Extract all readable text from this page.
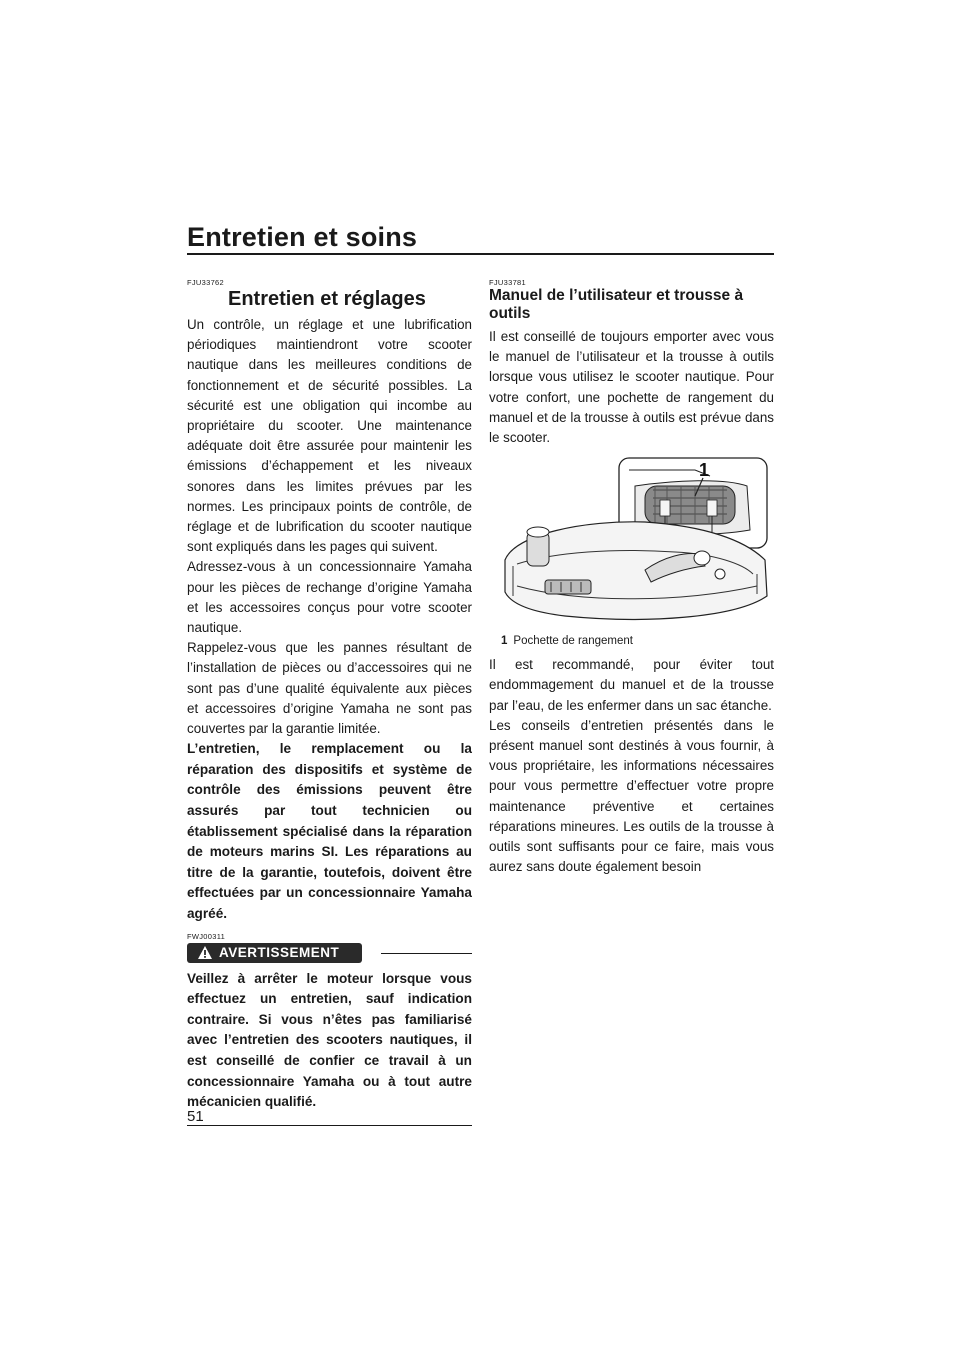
Entretien et soins

FJU33762

Entretien et réglages

Un contrôle, un réglage et une lubrification périodiques maintiendront votre scooter nautique dans les meilleures conditions de fonctionnement et de sécurité possibles. La sécurité est une obligation qui incombe au propriétaire du scooter. Une maintenance adéquate doit être assurée pour maintenir les émissions d’échappement et les niveaux sonores dans les limites prévues par les normes. Les principaux points de contrôle, de réglage et de lubrification du scooter nautique sont expliqués dans les pages qui suivent.

Adressez-vous à un concessionnaire Yamaha pour les pièces de rechange d’origine Yamaha et les accessoires conçus pour votre scooter nautique.

Rappelez-vous que les pannes résultant de l’installation de pièces ou d’accessoires qui ne sont pas d’une qualité équivalente aux pièces et accessoires d’origine Yamaha ne sont pas couvertes par la garantie limitée.

L’entretien, le remplacement ou la réparation des dispositifs et système de contrôle des émissions peuvent être assurés par tout technicien ou établissement spécialisé dans la réparation de moteurs marins SI. Les réparations au titre de la garantie, toutefois, doivent être effectuées par un concessionnaire Yamaha agréé.

FWJ00311

AVERTISSEMENT

Veillez à arrêter le moteur lorsque vous effectuez un entretien, sauf indication contraire. Si vous n’êtes pas familiarisé avec l’entretien des scooters nautiques, il est conseillé de confier ce travail à un concessionnaire Yamaha ou à tout autre mécanicien qualifié.

FJU33781

Manuel de l’utilisateur et trousse à outils

Il est conseillé de toujours emporter avec vous le manuel de l’utilisateur et la trousse à outils lorsque vous utilisez le scooter nautique. Pour votre confort, une pochette de rangement du manuel et de la trousse à outils est prévue dans le scooter.

1

1 Pochette de rangement

Il est recommandé, pour éviter tout endommagement du manuel et de la trousse par l’eau, de les enfermer dans un sac étanche.

Les conseils d’entretien présentés dans le présent manuel sont destinés à vous fournir, à vous propriétaire, les informations nécessaires pour vous permettre d’effectuer votre propre maintenance préventive et certaines réparations mineures. Les outils de la trousse à outils sont suffisants pour ce faire, mais vous aurez sans doute également besoin

51
